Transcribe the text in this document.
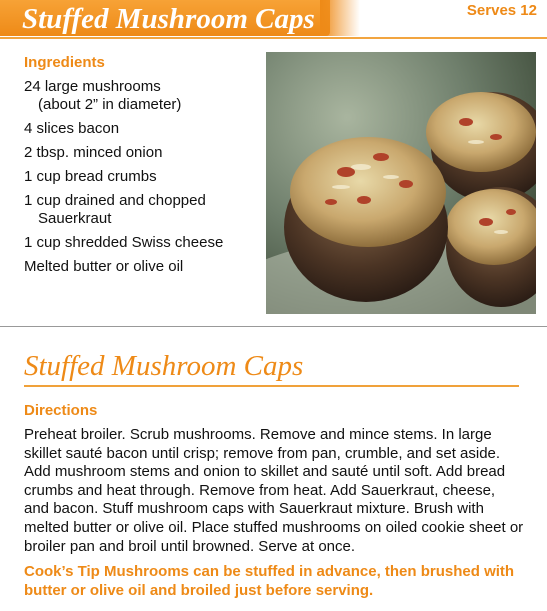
Stuffed Mushroom Caps	Serves 12
Ingredients
24 large mushrooms
(about 2” in diameter)
4 slices bacon
2 tbsp. minced onion
1 cup bread crumbs
1 cup drained and chopped
Sauerkraut
1 cup shredded Swiss cheese
Melted butter or olive oil
Stuffed Mushroom Caps
Directions

Preheat broiler. Scrub mushrooms. Remove and mince stems. In large skillet sauté bacon until crisp; remove from pan, crumble, and set aside. Add mushroom stems and onion to skillet and sauté until soft. Add bread crumbs and heat through. Remove from heat. Add Sauerkraut, cheese, and bacon. Stuff mushroom caps with Sauerkraut mixture. Brush with melted butter or olive oil. Place stuffed mushrooms on oiled cookie sheet or broiler pan and broil until browned. Serve at once.

Cook’s Tip Mushrooms can be stuffed in advance, then brushed with butter or olive oil and broiled just before serving.
